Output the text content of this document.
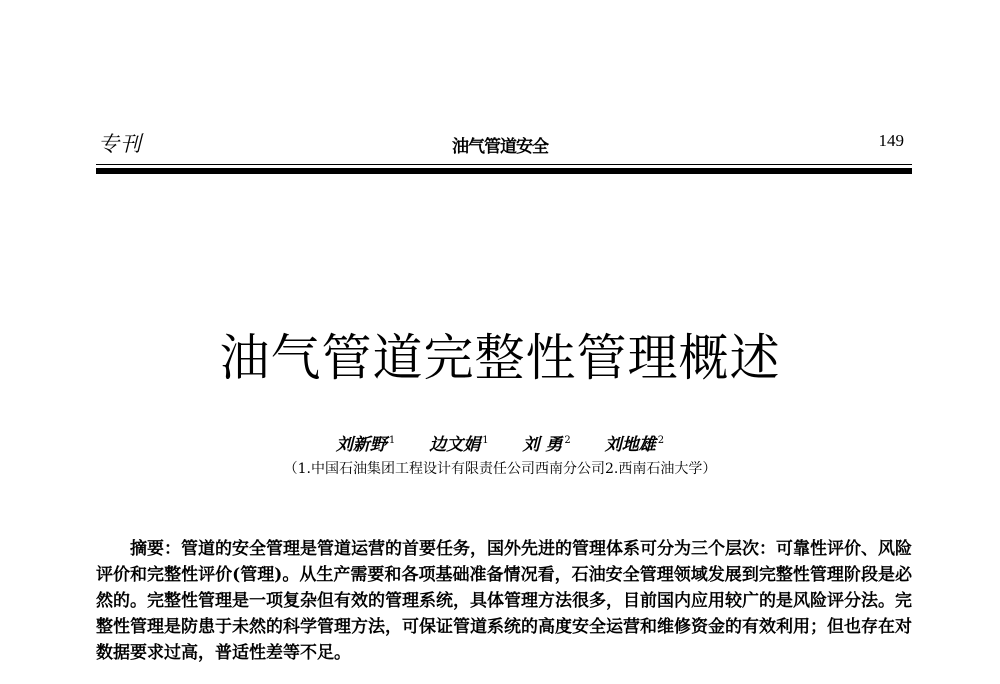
专刊	油气管道安全	149
油气管道完整性管理概述
刘新野 $^1$ 边文娟 $^1$ 刘 勇 $^2$ 刘地雄 $^2$
（1.中国石油集团工程设计有限责任公司西南分公司2.西南石油大学）

摘要：管道的安全管理是管道运营的首要任务，国外先进的管理体系可分为三个层次：可靠性评价、风险评价和完整性评价(管理)。从生产需要和各项基础准备情况看，石油安全管理领域发展到完整性管理阶段是必然的。完整性管理是一项复杂但有效的管理系统，具体管理方法很多，目前国内应用较广的是风险评分法。完整性管理是防患于未然的科学管理方法，可保证管道系统的高度安全运营和维修资金的有效利用；但也存在对数据要求过高，普适性差等不足。
